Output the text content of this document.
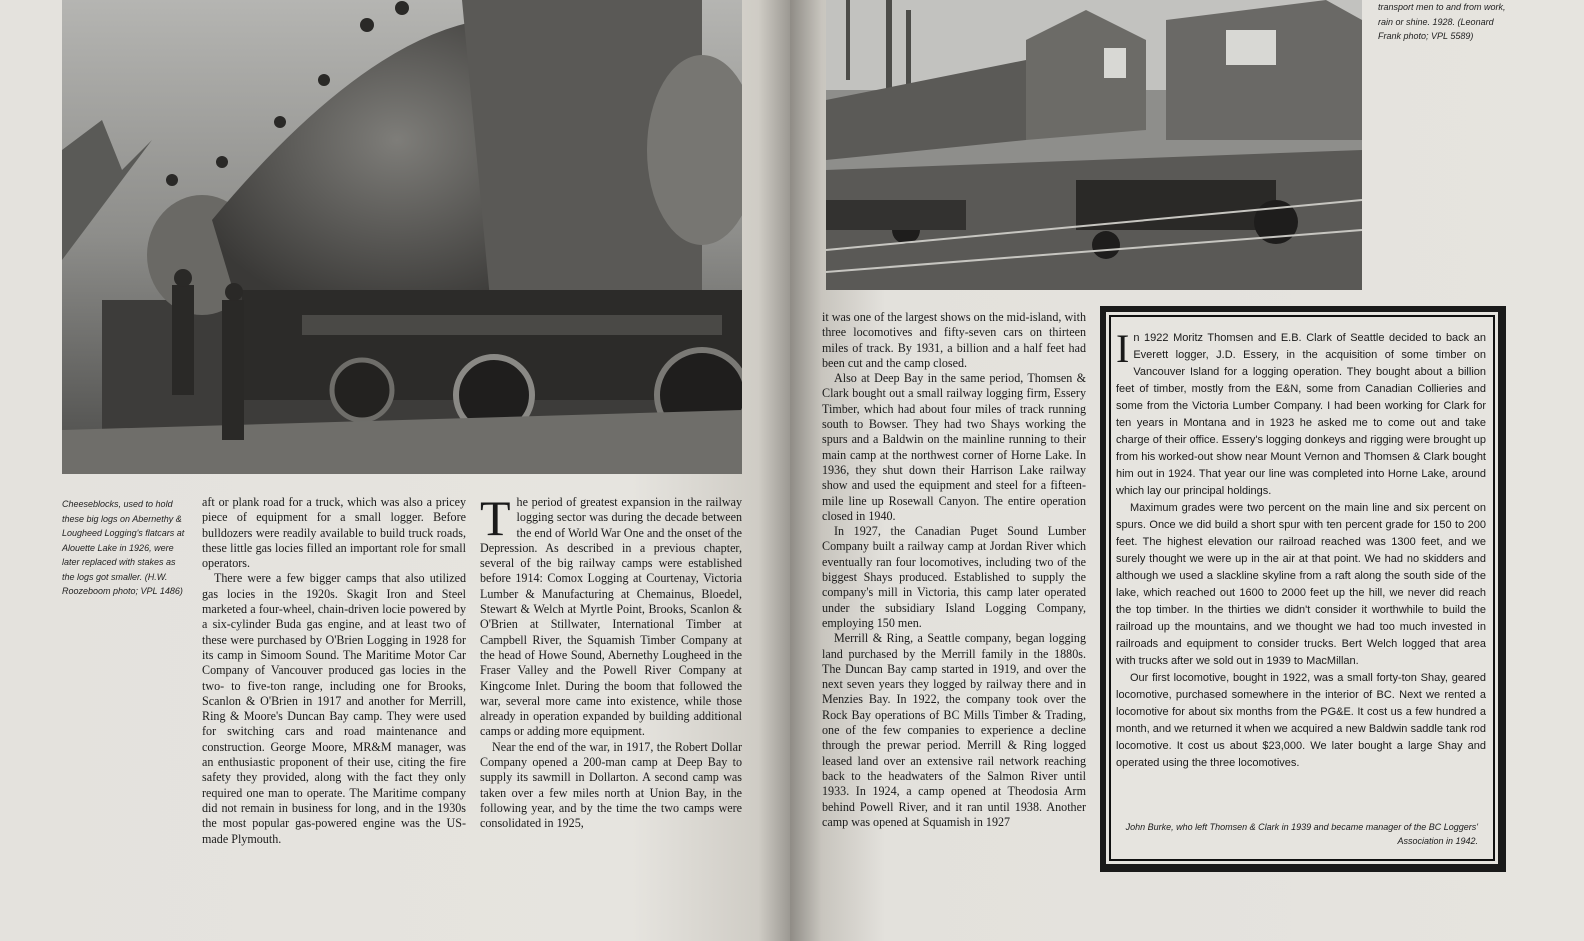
Cheeseblocks, used to hold these big logs on Abernethy & Lougheed Logging's flatcars at Alouette Lake in 1926, were later replaced with stakes as the logs got smaller. (H.W. Roozeboom photo; VPL 1486)

aft or plank road for a truck, which was also a pricey piece of equipment for a small logger. Before bulldozers were readily available to build truck roads, these little gas locies filled an important role for small operators.

There were a few bigger camps that also utilized gas locies in the 1920s. Skagit Iron and Steel marketed a four-wheel, chain-driven locie powered by a six-cylinder Buda gas engine, and at least two of these were purchased by O'Brien Logging in 1928 for its camp in Simoom Sound. The Maritime Motor Car Company of Vancouver produced gas locies in the two- to five-ton range, including one for Brooks, Scanlon & O'Brien in 1917 and another for Merrill, Ring & Moore's Duncan Bay camp. They were used for switching cars and road maintenance and construction. George Moore, MR&M manager, was an enthusiastic proponent of their use, citing the fire safety they provided, along with the fact they only required one man to operate. The Maritime company did not remain in business for long, and in the 1930s the most popular gas-powered engine was the US-made Plymouth.

T he period of greatest expansion in the railway logging sector was during the decade between the end of World War One and the onset of the Depression. As described in a previous chapter, several of the big railway camps were established before 1914: Comox Logging at Courtenay, Victoria Lumber & Manufacturing at Chemainus, Bloedel, Stewart & Welch at Myrtle Point, Brooks, Scanlon & O'Brien at Stillwater, International Timber at Campbell River, the Squamish Timber Company at the head of Howe Sound, Abernethy Lougheed in the Fraser Valley and the Powell River Company at Kingcome Inlet. During the boom that followed the war, several more came into existence, while those already in operation expanded by building additional camps or adding more equipment.

Near the end of the war, in 1917, the Robert Dollar Company opened a 200-man camp at Deep Bay to supply its sawmill in Dollarton. A second camp was taken over a few miles north at Union Bay, in the following year, and by the time the two camps were consolidated in 1925,

transport men to and from work, rain or shine. 1928. (Leonard Frank photo; VPL 5589)

it was one of the largest shows on the mid-island, with three locomotives and fifty-seven cars on thirteen miles of track. By 1931, a billion and a half feet had been cut and the camp closed.

Also at Deep Bay in the same period, Thomsen & Clark bought out a small railway logging firm, Essery Timber, which had about four miles of track running south to Bowser. They had two Shays working the spurs and a Baldwin on the mainline running to their main camp at the northwest corner of Horne Lake. In 1936, they shut down their Harrison Lake railway show and used the equipment and steel for a fifteen-mile line up Rosewall Canyon. The entire operation closed in 1940.

In 1927, the Canadian Puget Sound Lumber Company built a railway camp at Jordan River which eventually ran four locomotives, including two of the biggest Shays produced. Established to supply the company's mill in Victoria, this camp later operated under the subsidiary Island Logging Company, employing 150 men.

Merrill & Ring, a Seattle company, began logging land purchased by the Merrill family in the 1880s. The Duncan Bay camp started in 1919, and over the next seven years they logged by railway there and in Menzies Bay. In 1922, the company took over the Rock Bay operations of BC Mills Timber & Trading, one of the few companies to experience a decline through the prewar period. Merrill & Ring logged leased land over an extensive rail network reaching back to the headwaters of the Salmon River until 1933. In 1924, a camp opened at Theodosia Arm behind Powell River, and it ran until 1938. Another camp was opened at Squamish in 1927

I n 1922 Moritz Thomsen and E.B. Clark of Seattle decided to back an Everett logger, J.D. Essery, in the acquisition of some timber on Vancouver Island for a logging operation. They bought about a billion feet of timber, mostly from the E&N, some from Canadian Collieries and some from the Victoria Lumber Company. I had been working for Clark for ten years in Montana and in 1923 he asked me to come out and take charge of their office. Essery's logging donkeys and rigging were brought up from his worked-out show near Mount Vernon and Thomsen & Clark bought him out in 1924. That year our line was completed into Horne Lake, around which lay our principal holdings.

Maximum grades were two percent on the main line and six percent on spurs. Once we did build a short spur with ten percent grade for 150 to 200 feet. The highest elevation our railroad reached was 1300 feet, and we surely thought we were up in the air at that point. We had no skidders and although we used a slackline skyline from a raft along the south side of the lake, which reached out 1600 to 2000 feet up the hill, we never did reach the top timber. In the thirties we didn't consider it worthwhile to build the railroad up the mountains, and we thought we had too much invested in railroads and equipment to consider trucks. Bert Welch logged that area with trucks after we sold out in 1939 to MacMillan.

Our first locomotive, bought in 1922, was a small forty-ton Shay, geared locomotive, purchased somewhere in the interior of BC. Next we rented a locomotive for about six months from the PG&E. It cost us a few hundred a month, and we returned it when we acquired a new Baldwin saddle tank rod locomotive. It cost us about $23,000. We later bought a large Shay and operated using the three locomotives.

John Burke, who left Thomsen & Clark in 1939 and became manager of the BC Loggers' Association in 1942.
